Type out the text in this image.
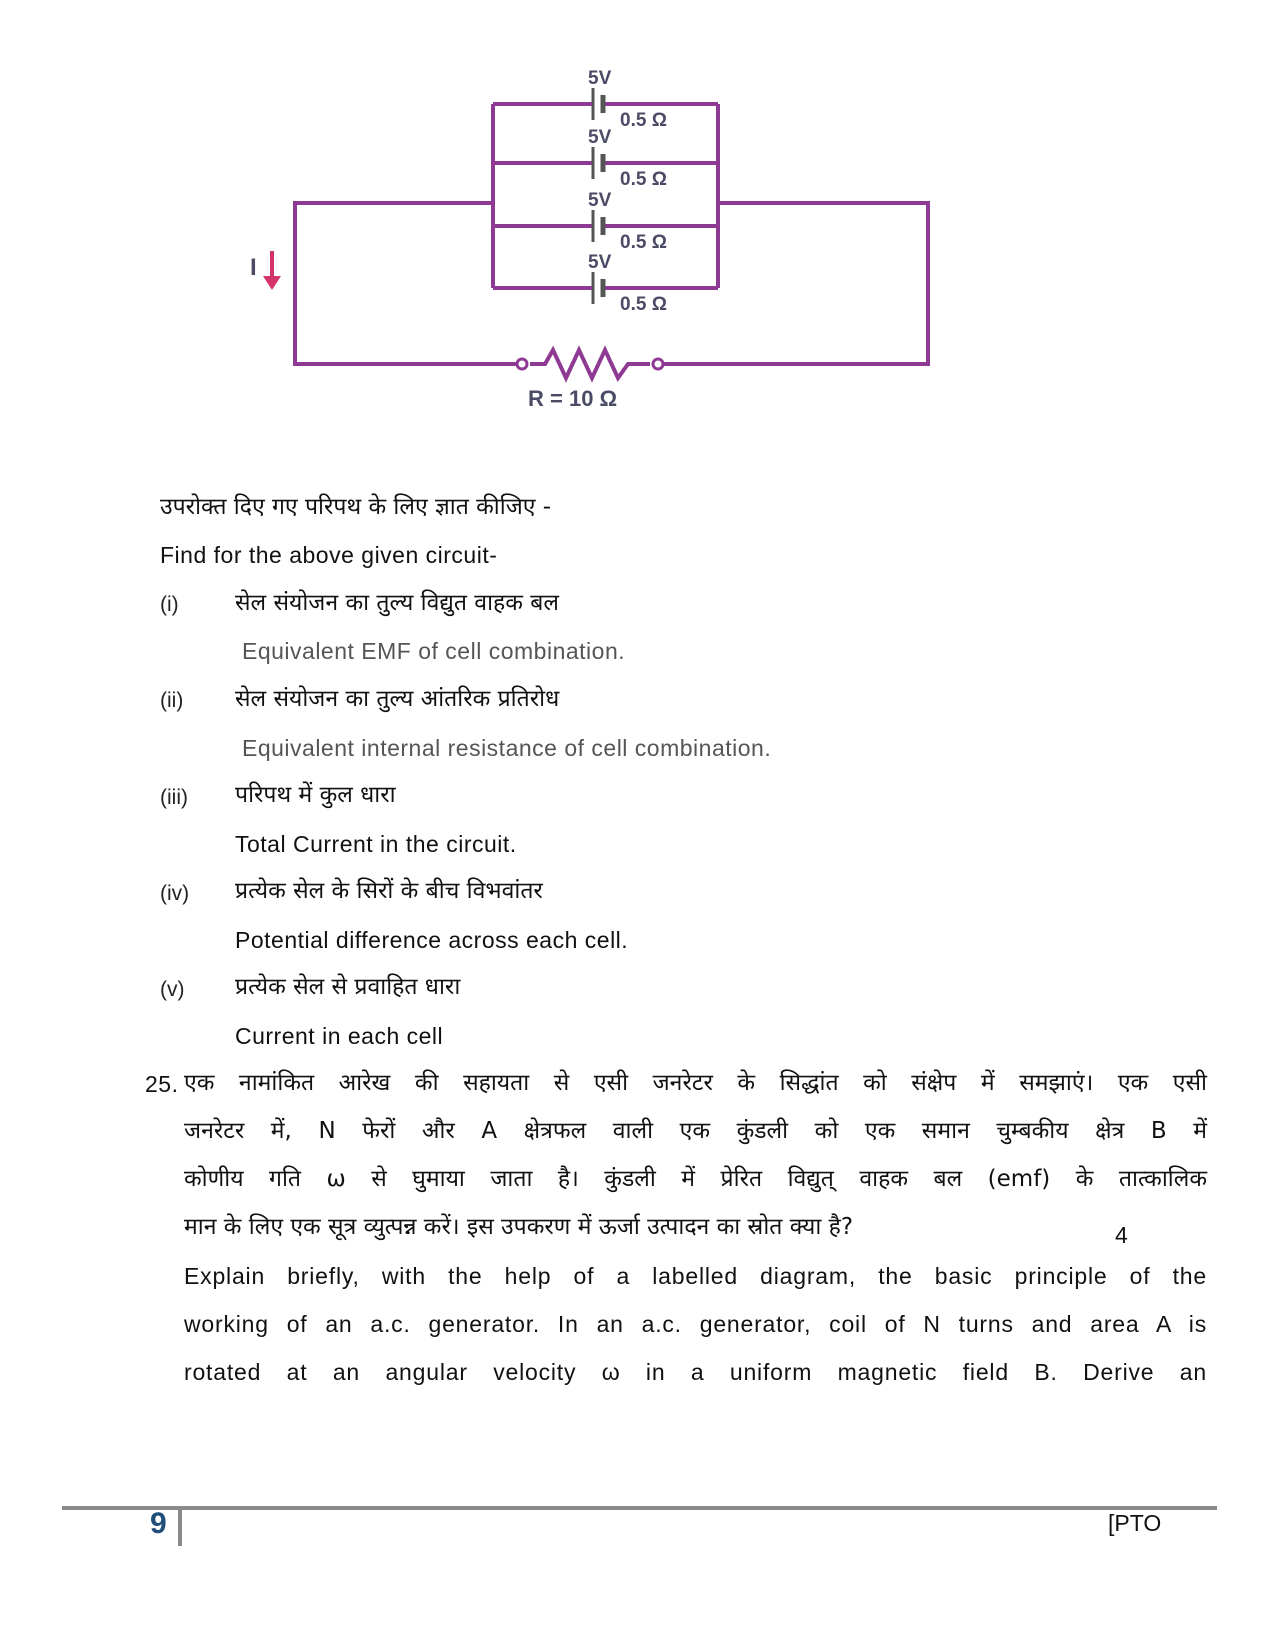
5V
0.5 Ω
5V
0.5 Ω
5V
0.5 Ω
5V
0.5 Ω
I
R = 10 Ω
उपरोक्त दिए गए परिपथ के लिए ज्ञात कीजिए -
Find for the above given circuit-
(i) सेल संयोजन का तुल्य विद्युत वाहक बल
Equivalent EMF of cell combination.
(ii) सेल संयोजन का तुल्य आंतरिक प्रतिरोध
Equivalent internal resistance of cell combination.
(iii) परिपथ में कुल धारा
Total Current in the circuit.
(iv) प्रत्येक सेल के सिरों के बीच विभवांतर
Potential difference across each cell.
(v) प्रत्येक सेल से प्रवाहित धारा
Current in each cell
25. एक नामांकित आरेख की सहायता से एसी जनरेटर के सिद्धांत को संक्षेप में समझाएं। एक एसी
जनरेटर में, N फेरों और A क्षेत्रफल वाली एक कुंडली को एक समान चुम्बकीय क्षेत्र B में
कोणीय गति ω से घुमाया जाता है। कुंडली में प्रेरित विद्युत् वाहक बल (emf) के तात्कालिक
मान के लिए एक सूत्र व्युत्पन्न करें। इस उपकरण में ऊर्जा उत्पादन का स्रोत क्या है?	4
Explain briefly, with the help of a labelled diagram, the basic principle of the
working of an a.c. generator. In an a.c. generator, coil of N turns and area A is
rotated at an angular velocity ω in a uniform magnetic field B. Derive an
9	[PTO
